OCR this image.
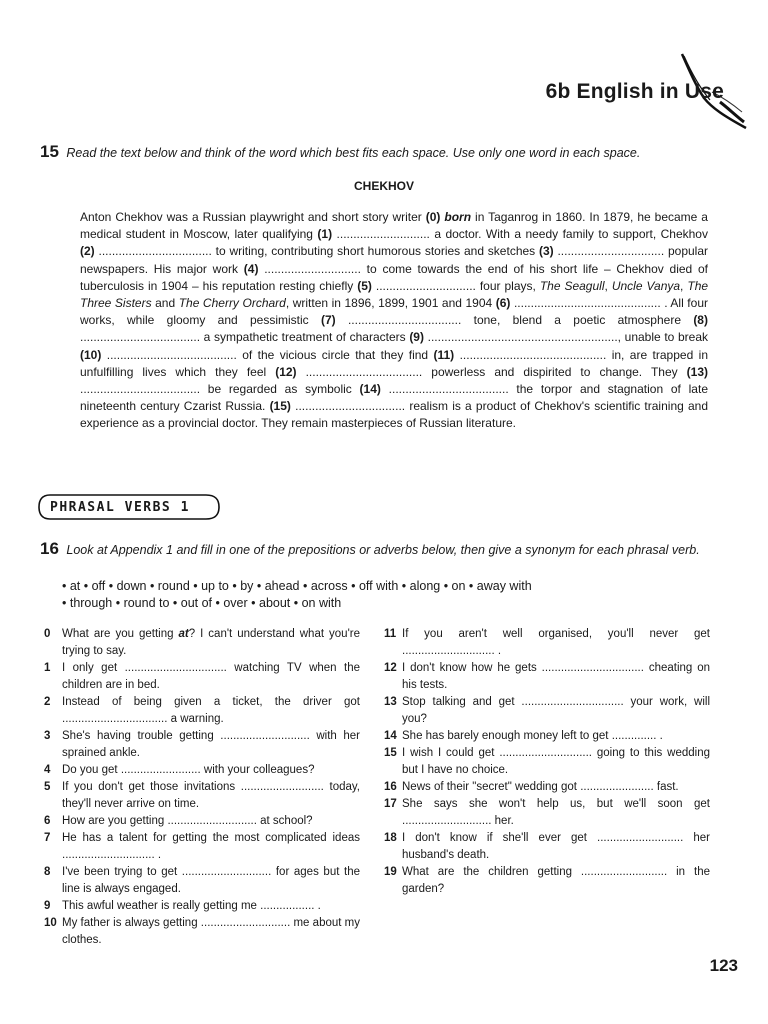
6b English in Use
15 Read the text below and think of the word which best fits each space. Use only one word in each space.
CHEKHOV
Anton Chekhov was a Russian playwright and short story writer (0) born in Taganrog in 1860. In 1879, he became a medical student in Moscow, later qualifying (1) ............................ a doctor. With a needy family to support, Chekhov (2) .................................. to writing, contributing short humorous stories and sketches (3) ................................ popular newspapers. His major work (4) ............................. to come towards the end of his short life – Chekhov died of tuberculosis in 1904 – his reputation resting chiefly (5) .............................. four plays, The Seagull, Uncle Vanya, The Three Sisters and The Cherry Orchard, written in 1896, 1899, 1901 and 1904 (6) ............................................ . All four works, while gloomy and pessimistic (7) .................................. tone, blend a poetic atmosphere (8) .................................... a sympathetic treatment of characters (9) ........................................................., unable to break (10) ....................................... of the vicious circle that they find (11) ............................................ in, are trapped in unfulfilling lives which they feel (12) ................................... powerless and dispirited to change. They (13) .................................... be regarded as symbolic (14) .................................... the torpor and stagnation of late nineteenth century Czarist Russia. (15) ................................. realism is a product of Chekhov's scientific training and experience as a provincial doctor. They remain masterpieces of Russian literature.
PHRASAL VERBS 1
16 Look at Appendix 1 and fill in one of the prepositions or adverbs below, then give a synonym for each phrasal verb.
• at • off • down • round • up to • by • ahead • across • off with • along • on • away with
• through • round to • out of • over • about • on with
0	What are you getting at? I can't understand what you're trying to say.
1	I only get ................................ watching TV when the children are in bed.
2	Instead of being given a ticket, the driver got ................................. a warning.
3	She's having trouble getting ............................ with her sprained ankle.
4	Do you get ......................... with your colleagues?
5	If you don't get those invitations .......................... today, they'll never arrive on time.
6	How are you getting ............................ at school?
7	He has a talent for getting the most complicated ideas ............................. .
8	I've been trying to get ............................ for ages but the line is always engaged.
9	This awful weather is really getting me ................. .
10 My father is always getting ............................ me about my clothes.
11 If you aren't well organised, you'll never get ............................. .
12 I don't know how he gets ................................ cheating on his tests.
13 Stop talking and get ................................ your work, will you?
14 She has barely enough money left to get .............. .
15 I wish I could get ............................. going to this wedding but I have no choice.
16 News of their "secret" wedding got ....................... fast.
17 She says she won't help us, but we'll soon get ............................ her.
18 I don't know if she'll ever get ........................... her husband's death.
19 What are the children getting ........................... in the garden?
123
